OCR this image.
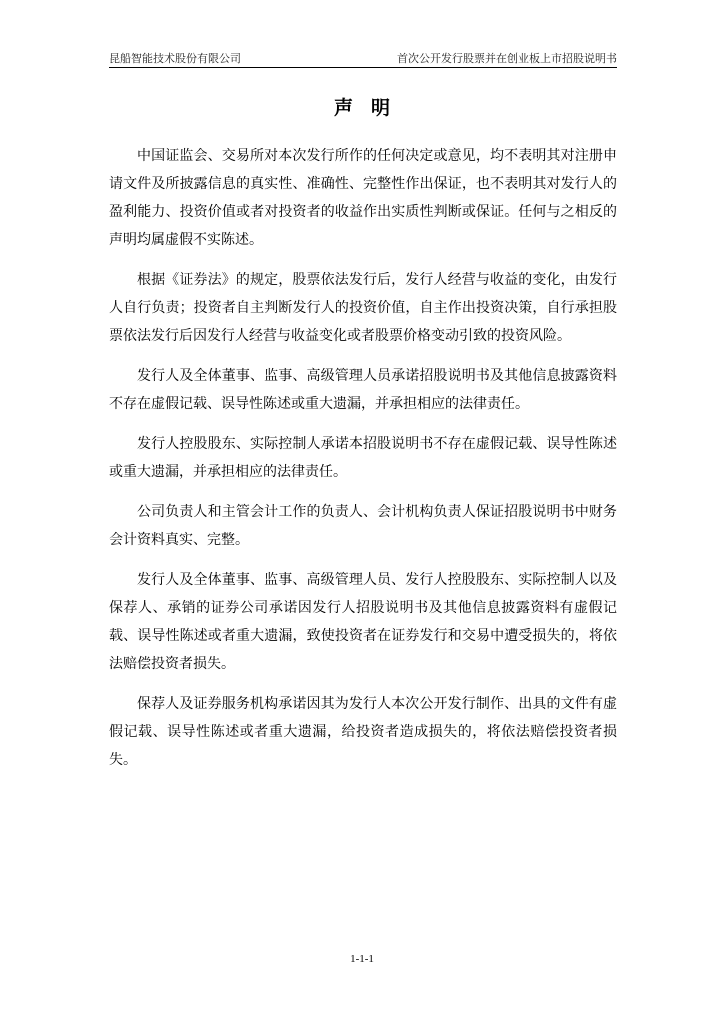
昆船智能技术股份有限公司	首次公开发行股票并在创业板上市招股说明书
声明

中国证监会、交易所对本次发行所作的任何决定或意见，均不表明其对注册申请文件及所披露信息的真实性、准确性、完整性作出保证，也不表明其对发行人的盈利能力、投资价值或者对投资者的收益作出实质性判断或保证。任何与之相反的声明均属虚假不实陈述。

根据《证券法》的规定，股票依法发行后，发行人经营与收益的变化，由发行人自行负责；投资者自主判断发行人的投资价值，自主作出投资决策，自行承担股票依法发行后因发行人经营与收益变化或者股票价格变动引致的投资风险。

发行人及全体董事、监事、高级管理人员承诺招股说明书及其他信息披露资料不存在虚假记载、误导性陈述或重大遗漏，并承担相应的法律责任。

发行人控股股东、实际控制人承诺本招股说明书不存在虚假记载、误导性陈述或重大遗漏，并承担相应的法律责任。

公司负责人和主管会计工作的负责人、会计机构负责人保证招股说明书中财务会计资料真实、完整。

发行人及全体董事、监事、高级管理人员、发行人控股股东、实际控制人以及保荐人、承销的证券公司承诺因发行人招股说明书及其他信息披露资料有虚假记载、误导性陈述或者重大遗漏，致使投资者在证券发行和交易中遭受损失的，将依法赔偿投资者损失。

保荐人及证券服务机构承诺因其为发行人本次公开发行制作、出具的文件有虚假记载、误导性陈述或者重大遗漏，给投资者造成损失的，将依法赔偿投资者损失。

1-1-1
